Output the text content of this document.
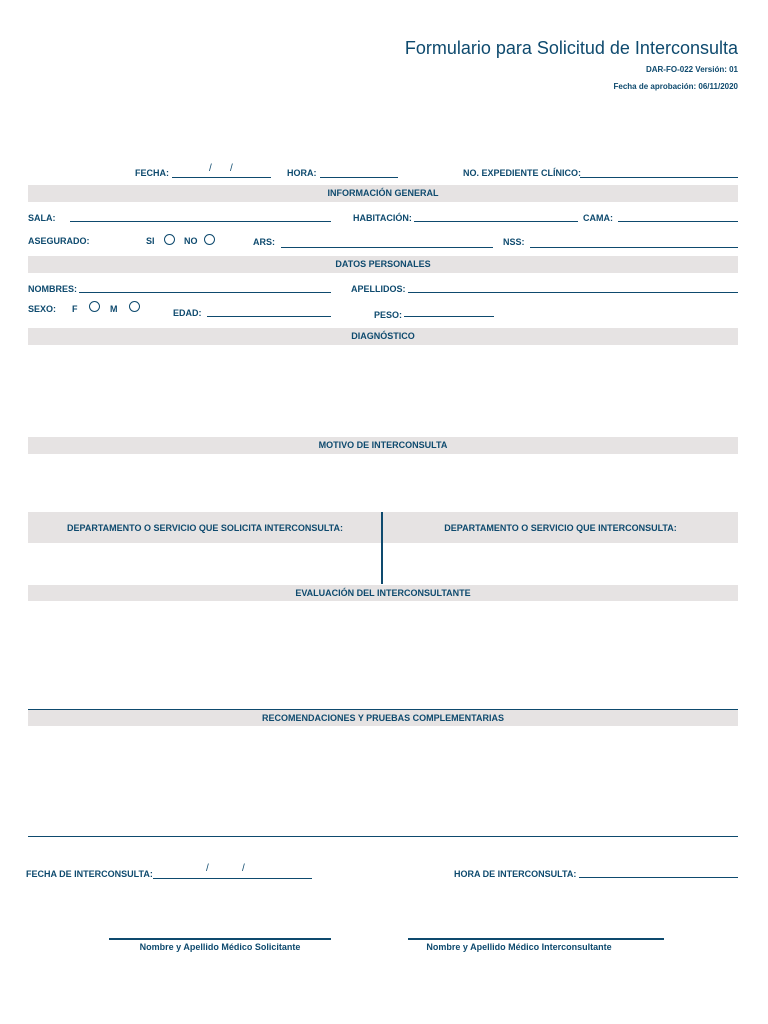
Formulario para Solicitud de Interconsulta
DAR-FO-022 Versión: 01
Fecha de aprobación: 06/11/2020
FECHA:	/ /	HORA:	NO. EXPEDIENTE CLÍNICO:
INFORMACIÓN GENERAL
SALA:	HABITACIÓN:	CAMA:
ASEGURADO:	SI	NO	ARS:	NSS:
DATOS PERSONALES
NOMBRES:	APELLIDOS:
SEXO: F	M	EDAD:	PESO:
DIAGNÓSTICO
MOTIVO DE INTERCONSULTA
DEPARTAMENTO O SERVICIO QUE SOLICITA INTERCONSULTA:	DEPARTAMENTO O SERVICIO QUE INTERCONSULTA:
EVALUACIÓN DEL INTERCONSULTANTE
RECOMENDACIONES Y PRUEBAS COMPLEMENTARIAS
FECHA DE INTERCONSULTA:	/	/	HORA DE INTERCONSULTA:
Nombre y Apellido Médico Solicitante	Nombre y Apellido Médico Interconsultante
